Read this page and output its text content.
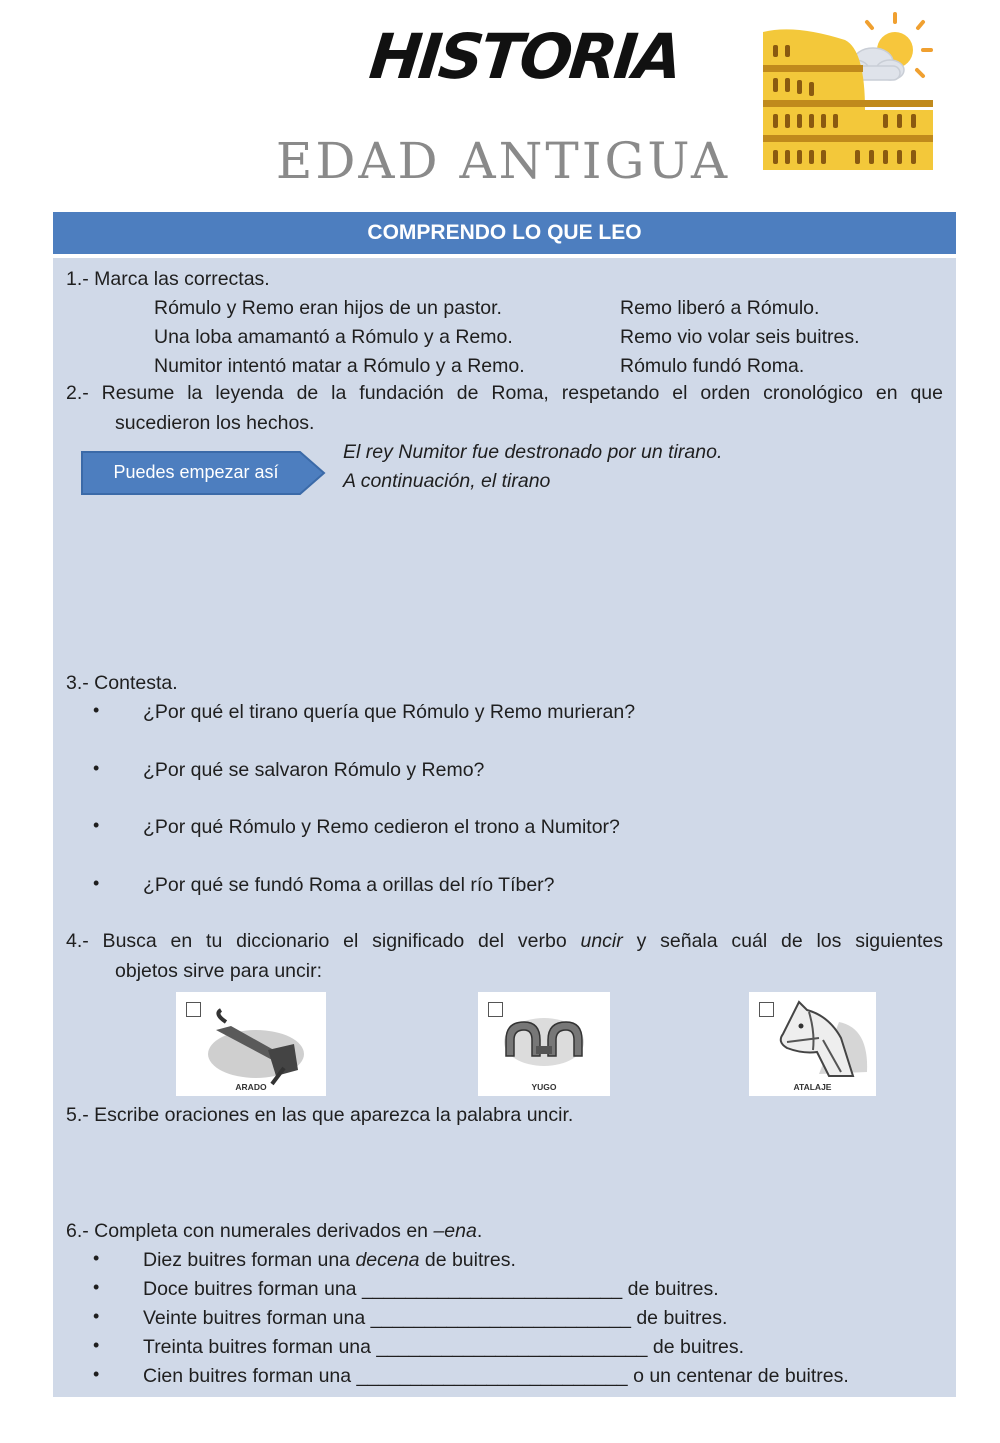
HISTORIA
EDAD ANTIGUA
COMPRENDO LO QUE LEO
1.- Marca las correctas.
Rómulo y Remo eran hijos de un pastor.
Una loba amamantó a Rómulo y a Remo.
Numitor intentó matar a Rómulo y a Remo.
Remo liberó a Rómulo.
Remo vio volar seis buitres.
Rómulo fundó Roma.
2.- Resume la leyenda de la fundación de Roma, respetando el orden cronológico en que
sucedieron los hechos.
Puedes empezar así
El rey Numitor fue destronado por un tirano.
A continuación, el tirano
3.- Contesta.
• ¿Por qué el tirano quería que Rómulo y Remo murieran?
• ¿Por qué se salvaron Rómulo y Remo?
• ¿Por qué Rómulo y Remo cedieron el trono a Numitor?
• ¿Por qué se fundó Roma a orillas del río Tíber?
4.- Busca en tu diccionario el significado del verbo uncir y señala cuál de los siguientes
objetos sirve para uncir:
ARADO	YUGO	ATALAJE
5.- Escribe oraciones en las que aparezca la palabra uncir.
6.- Completa con numerales derivados en –ena.
• Diez buitres forman una decena de buitres.
• Doce buitres forman una ________________________ de buitres.
• Veinte buitres forman una ________________________ de buitres.
• Treinta buitres forman una _________________________ de buitres.
• Cien buitres forman una _________________________ o un centenar de buitres.
